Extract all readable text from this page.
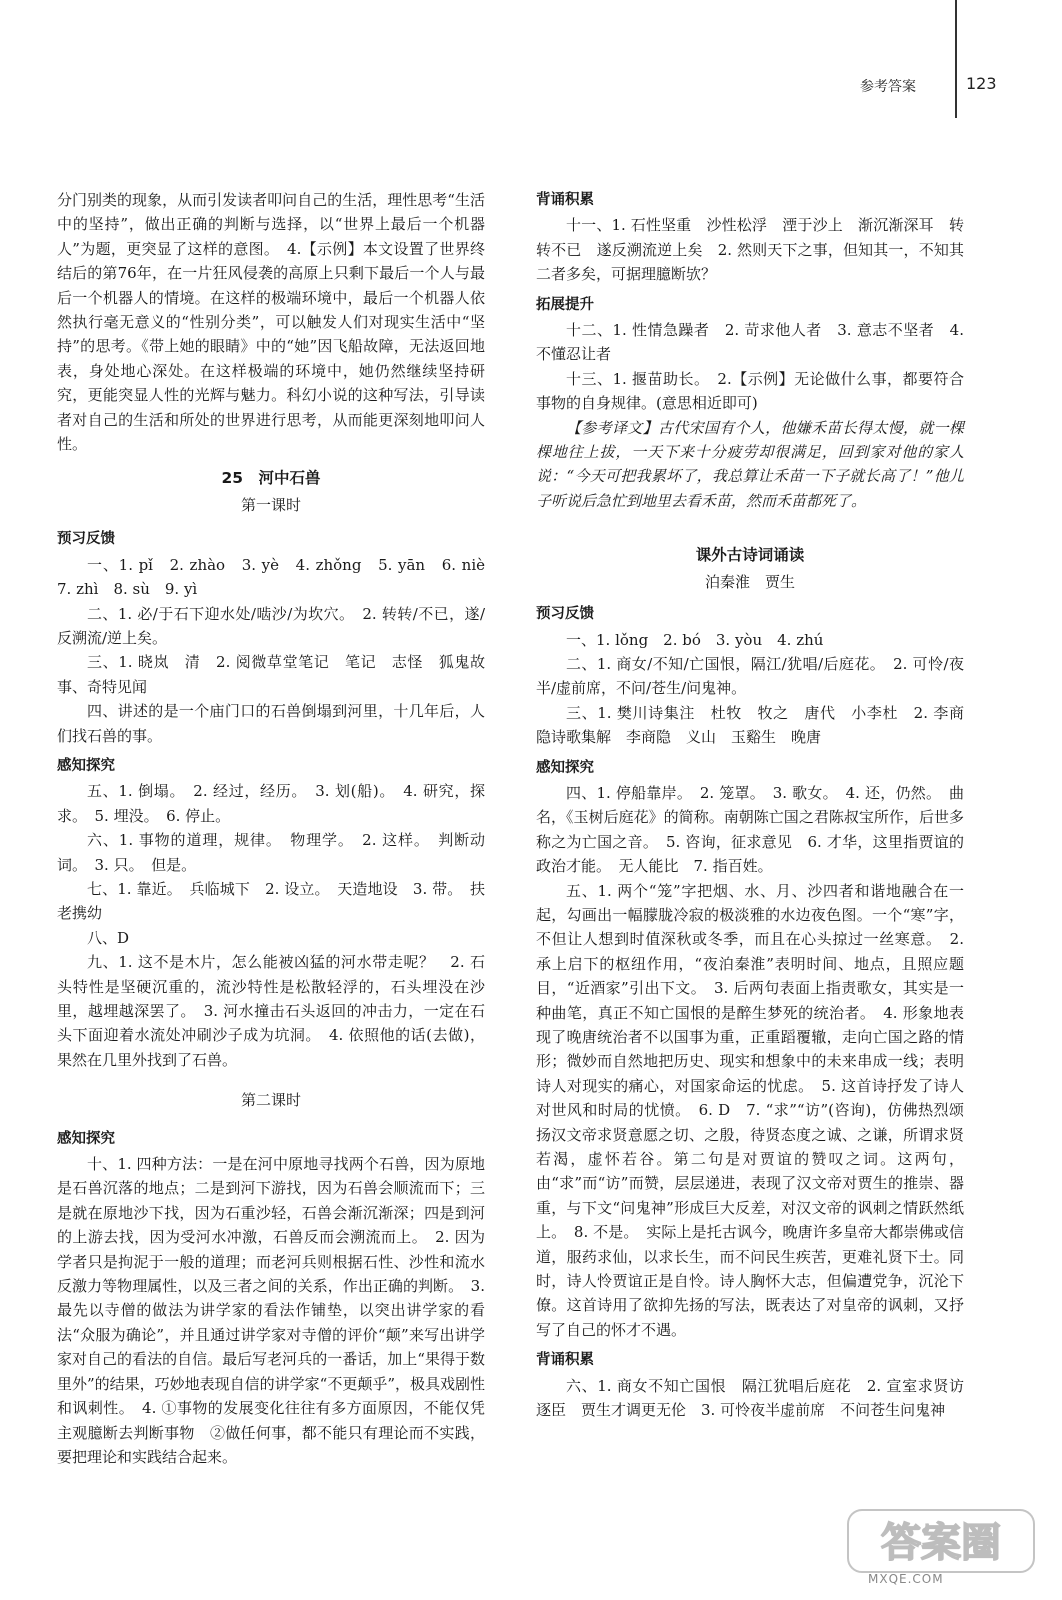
参考答案	123

分门别类的现象，从而引发读者叩问自己的生活，理性思考“生活中的坚持”，做出正确的判断与选择，以“世界上最后一个机器人”为题，更突显了这样的意图。　4.【示例】本文设置了世界终结后的第76年，在一片狂风侵袭的高原上只剩下最后一个人与最后一个机器人的情境。在这样的极端环境中，最后一个机器人依然执行毫无意义的“性别分类”，可以触发人们对现实生活中“坚持”的思考。《带上她的眼睛》中的“她”因飞船故障，无法返回地表，身处地心深处。在这样极端的环境中，她仍然继续坚持研究，更能突显人性的光辉与魅力。科幻小说的这种写法，引导读者对自己的生活和所处的世界进行思考，从而能更深刻地叩问人性。

25　河中石兽
第一课时
预习反馈

一、1. pǐ　2. zhào　3. yè　4. zhǒng　5. yān　6. niè　7. zhì　8. sù　9. yì

二、1. 必/于石下迎水处/啮沙/为坎穴。　2. 转转/不已，遂/反溯流/逆上矣。

三、1. 晓岚　清　2. 阅微草堂笔记　笔记　志怪　狐鬼故事、奇特见闻

四、讲述的是一个庙门口的石兽倒塌到河里，十几年后，人们找石兽的事。

感知探究

五、1. 倒塌。　2. 经过，经历。　3. 划(船)。　4. 研究，探求。　5. 埋没。　6. 停止。

六、1. 事物的道理，规律。　物理学。　2. 这样。　判断动词。　3. 只。　但是。

七、1. 靠近。　兵临城下　2. 设立。　天造地设　3. 带。　扶老携幼

八、D

九、1. 这不是木片，怎么能被凶猛的河水带走呢？　2. 石头特性是坚硬沉重的，流沙特性是松散轻浮的，石头埋没在沙里，越埋越深罢了。　3. 河水撞击石头返回的冲击力，一定在石头下面迎着水流处冲刷沙子成为坑洞。　4. 依照他的话(去做)，果然在几里外找到了石兽。

第二课时
感知探究

十、1. 四种方法：一是在河中原地寻找两个石兽，因为原地是石兽沉落的地点；二是到河下游找，因为石兽会顺流而下；三是就在原地沙下找，因为石重沙轻，石兽会渐沉渐深；四是到河的上游去找，因为受河水冲激，石兽反而会溯流而上。　2. 因为学者只是拘泥于一般的道理；而老河兵则根据石性、沙性和流水反激力等物理属性，以及三者之间的关系，作出正确的判断。　3. 最先以寺僧的做法为讲学家的看法作铺垫，以突出讲学家的看法“众服为确论”，并且通过讲学家对寺僧的评价“颠”来写出讲学家对自己的看法的自信。最后写老河兵的一番话，加上“果得于数里外”的结果，巧妙地表现自信的讲学家“不更颠乎”，极具戏剧性和讽刺性。　4. ①事物的发展变化往往有多方面原因，不能仅凭主观臆断去判断事物　②做任何事，都不能只有理论而不实践，要把理论和实践结合起来。

背诵积累

十一、1. 石性坚重　沙性松浮　湮于沙上　渐沉渐深耳　转转不已　遂反溯流逆上矣　2. 然则天下之事，但知其一，不知其二者多矣，可据理臆断欤？

拓展提升

十二、1. 性情急躁者　2. 苛求他人者　3. 意志不坚者　4. 不懂忍让者

十三、1. 揠苗助长。　2.【示例】无论做什么事，都要符合事物的自身规律。(意思相近即可)

【参考译文】古代宋国有个人，他嫌禾苗长得太慢，就一棵棵地往上拔，一天下来十分疲劳却很满足，回到家对他的家人说：“今天可把我累坏了，我总算让禾苗一下子就长高了！”他儿子听说后急忙到地里去看禾苗，然而禾苗都死了。

课外古诗词诵读
泊秦淮　贾生
预习反馈

一、1. lǒng　2. bó　3. yòu　4. zhú

二、1. 商女/不知/亡国恨，隔江/犹唱/后庭花。　2. 可怜/夜半/虚前席，不问/苍生/问鬼神。

三、1. 樊川诗集注　杜牧　牧之　唐代　小李杜　2. 李商隐诗歌集解　李商隐　义山　玉谿生　晚唐

感知探究

四、1. 停船靠岸。　2. 笼罩。　3. 歌女。　4. 还，仍然。　曲名，《玉树后庭花》的简称。南朝陈亡国之君陈叔宝所作，后世多称之为亡国之音。　5. 咨询，征求意见　6. 才华，这里指贾谊的政治才能。　无人能比　7. 指百姓。

五、1. 两个“笼”字把烟、水、月、沙四者和谐地融合在一起，勾画出一幅朦胧冷寂的极淡雅的水边夜色图。一个“寒”字，不但让人想到时值深秋或冬季，而且在心头掠过一丝寒意。　2. 承上启下的枢纽作用，“夜泊秦淮”表明时间、地点，且照应题目，“近酒家”引出下文。　3. 后两句表面上指责歌女，其实是一种曲笔，真正不知亡国恨的是醉生梦死的统治者。　4. 形象地表现了晚唐统治者不以国事为重，正重蹈覆辙，走向亡国之路的情形；微妙而自然地把历史、现实和想象中的未来串成一线；表明诗人对现实的痛心，对国家命运的忧虑。　5. 这首诗抒发了诗人对世风和时局的忧愤。　6. D　7. “求”“访”(咨询)，仿佛热烈颂扬汉文帝求贤意愿之切、之殷，待贤态度之诚、之谦，所谓求贤若渴，虚怀若谷。第二句是对贾谊的赞叹之词。这两句，由“求”而“访”而赞，层层递进，表现了汉文帝对贾生的推崇、器重，与下文“问鬼神”形成巨大反差，对汉文帝的讽刺之情跃然纸上。　8. 不是。　实际上是托古讽今，晚唐许多皇帝大都崇佛或信道，服药求仙，以求长生，而不问民生疾苦，更难礼贤下士。同时，诗人怜贾谊正是自怜。诗人胸怀大志，但偏遭党争，沉沦下僚。这首诗用了欲抑先扬的写法，既表达了对皇帝的讽刺，又抒写了自己的怀才不遇。

背诵积累

六、1. 商女不知亡国恨　隔江犹唱后庭花　2. 宣室求贤访逐臣　贾生才调更无伦　3. 可怜夜半虚前席　不问苍生问鬼神

答案圈
MXQE.COM
